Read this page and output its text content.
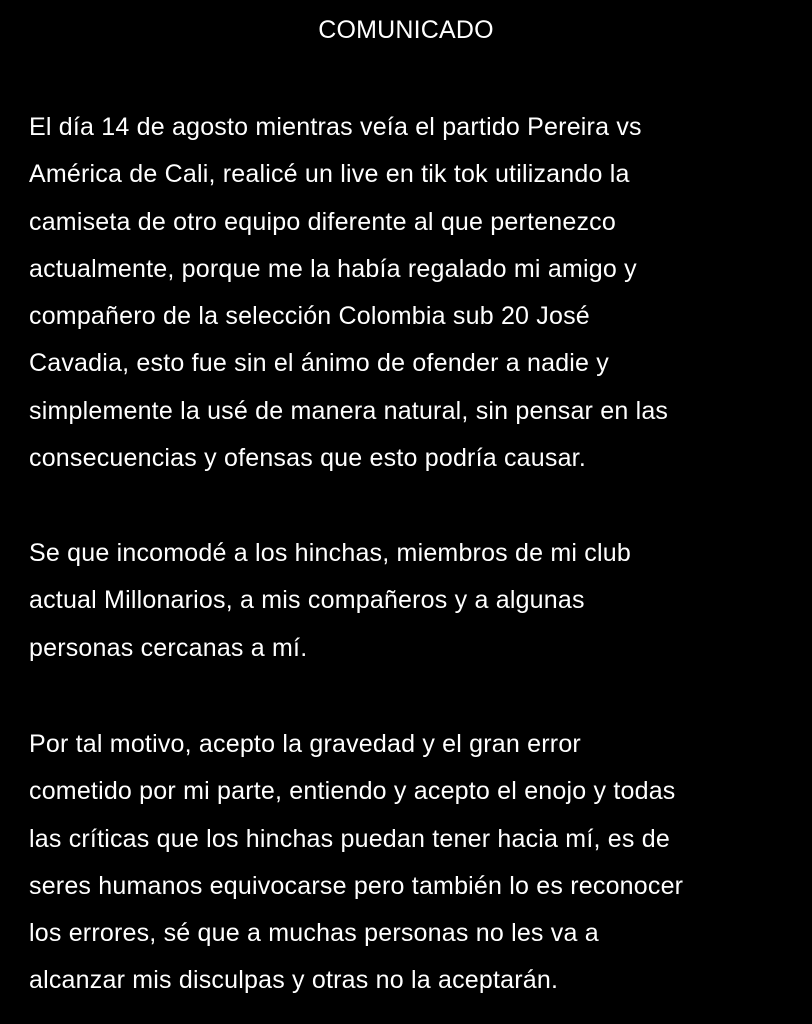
COMUNICADO
El día 14 de agosto mientras veía el partido Pereira vs
América de Cali, realicé un live en tik tok utilizando la
camiseta de otro equipo diferente al que pertenezco
actualmente, porque me la había regalado mi amigo y
compañero de la selección Colombia sub 20 José
Cavadia, esto fue sin el ánimo de ofender a nadie y
simplemente la usé de manera natural, sin pensar en las
consecuencias y ofensas que esto podría causar.
Se que incomodé a los hinchas, miembros de mi club
actual Millonarios, a mis compañeros y a algunas
personas cercanas a mí.
Por tal motivo, acepto la gravedad y el gran error
cometido por mi parte, entiendo y acepto el enojo y todas
las críticas que los hinchas puedan tener hacia mí, es de
seres humanos equivocarse pero también lo es reconocer
los errores, sé que a muchas personas no les va a
alcanzar mis disculpas y otras no la aceptarán.
